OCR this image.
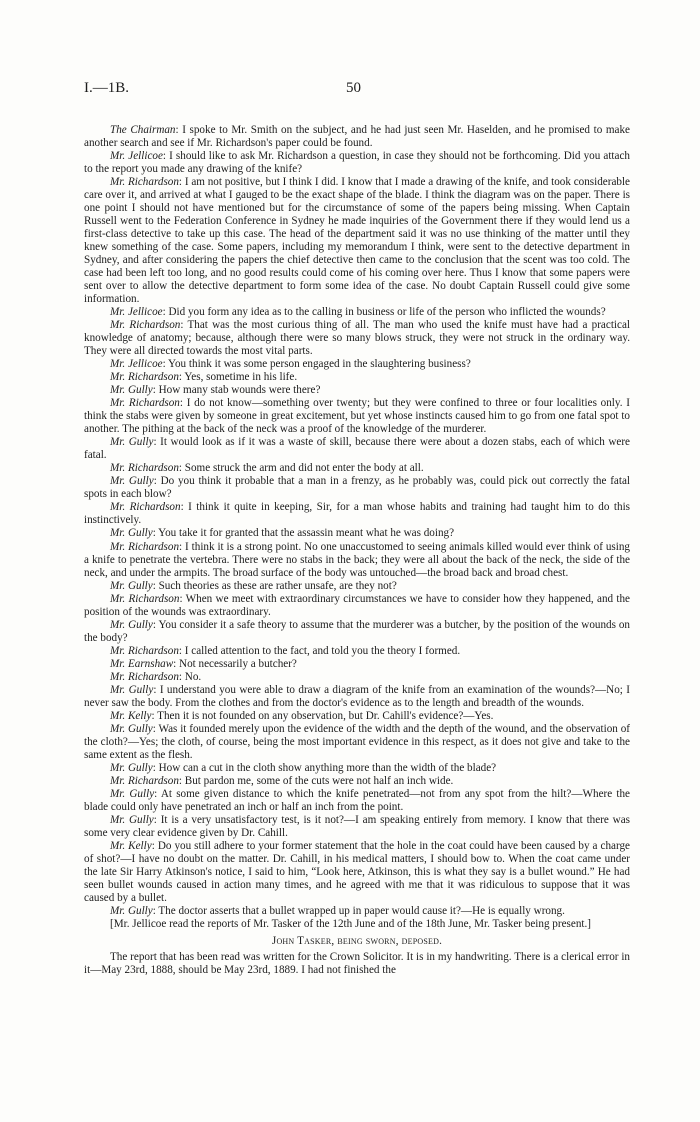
I.—1B.	50

The Chairman: I spoke to Mr. Smith on the subject, and he had just seen Mr. Haselden, and he promised to make another search and see if Mr. Richardson's paper could be found.

Mr. Jellicoe: I should like to ask Mr. Richardson a question, in case they should not be forthcoming. Did you attach to the report you made any drawing of the knife?

Mr. Richardson: I am not positive, but I think I did. I know that I made a drawing of the knife, and took considerable care over it, and arrived at what I gauged to be the exact shape of the blade. I think the diagram was on the paper. There is one point I should not have mentioned but for the circumstance of some of the papers being missing. When Captain Russell went to the Federation Conference in Sydney he made inquiries of the Government there if they would lend us a first-class detective to take up this case. The head of the department said it was no use thinking of the matter until they knew something of the case. Some papers, including my memorandum I think, were sent to the detective department in Sydney, and after considering the papers the chief detective then came to the conclusion that the scent was too cold. The case had been left too long, and no good results could come of his coming over here. Thus I know that some papers were sent over to allow the detective department to form some idea of the case. No doubt Captain Russell could give some information.

Mr. Jellicoe: Did you form any idea as to the calling in business or life of the person who inflicted the wounds?

Mr. Richardson: That was the most curious thing of all. The man who used the knife must have had a practical knowledge of anatomy; because, although there were so many blows struck, they were not struck in the ordinary way. They were all directed towards the most vital parts.

Mr. Jellicoe: You think it was some person engaged in the slaughtering business?

Mr. Richardson: Yes, sometime in his life.

Mr. Gully: How many stab wounds were there?

Mr. Richardson: I do not know—something over twenty; but they were confined to three or four localities only. I think the stabs were given by someone in great excitement, but yet whose instincts caused him to go from one fatal spot to another. The pithing at the back of the neck was a proof of the knowledge of the murderer.

Mr. Gully: It would look as if it was a waste of skill, because there were about a dozen stabs, each of which were fatal.

Mr. Richardson: Some struck the arm and did not enter the body at all.

Mr. Gully: Do you think it probable that a man in a frenzy, as he probably was, could pick out correctly the fatal spots in each blow?

Mr. Richardson: I think it quite in keeping, Sir, for a man whose habits and training had taught him to do this instinctively.

Mr. Gully: You take it for granted that the assassin meant what he was doing?

Mr. Richardson: I think it is a strong point. No one unaccustomed to seeing animals killed would ever think of using a knife to penetrate the vertebra. There were no stabs in the back; they were all about the back of the neck, the side of the neck, and under the armpits. The broad surface of the body was untouched—the broad back and broad chest.

Mr. Gully: Such theories as these are rather unsafe, are they not?

Mr. Richardson: When we meet with extraordinary circumstances we have to consider how they happened, and the position of the wounds was extraordinary.

Mr. Gully: You consider it a safe theory to assume that the murderer was a butcher, by the position of the wounds on the body?

Mr. Richardson: I called attention to the fact, and told you the theory I formed.

Mr. Earnshaw: Not necessarily a butcher?

Mr. Richardson: No.

Mr. Gully: I understand you were able to draw a diagram of the knife from an examination of the wounds?—No; I never saw the body. From the clothes and from the doctor's evidence as to the length and breadth of the wounds.

Mr. Kelly: Then it is not founded on any observation, but Dr. Cahill's evidence?—Yes.

Mr. Gully: Was it founded merely upon the evidence of the width and the depth of the wound, and the observation of the cloth?—Yes; the cloth, of course, being the most important evidence in this respect, as it does not give and take to the same extent as the flesh.

Mr. Gully: How can a cut in the cloth show anything more than the width of the blade?

Mr. Richardson: But pardon me, some of the cuts were not half an inch wide.

Mr. Gully: At some given distance to which the knife penetrated—not from any spot from the hilt?—Where the blade could only have penetrated an inch or half an inch from the point.

Mr. Gully: It is a very unsatisfactory test, is it not?—I am speaking entirely from memory. I know that there was some very clear evidence given by Dr. Cahill.

Mr. Kelly: Do you still adhere to your former statement that the hole in the coat could have been caused by a charge of shot?—I have no doubt on the matter. Dr. Cahill, in his medical matters, I should bow to. When the coat came under the late Sir Harry Atkinson's notice, I said to him, “Look here, Atkinson, this is what they say is a bullet wound.” He had seen bullet wounds caused in action many times, and he agreed with me that it was ridiculous to suppose that it was caused by a bullet.

Mr. Gully: The doctor asserts that a bullet wrapped up in paper would cause it?—He is equally wrong.

[Mr. Jellicoe read the reports of Mr. Tasker of the 12th June and of the 18th June, Mr. Tasker being present.]

John Tasker, being sworn, deposed.

The report that has been read was written for the Crown Solicitor. It is in my handwriting. There is a clerical error in it—May 23rd, 1888, should be May 23rd, 1889. I had not finished the
